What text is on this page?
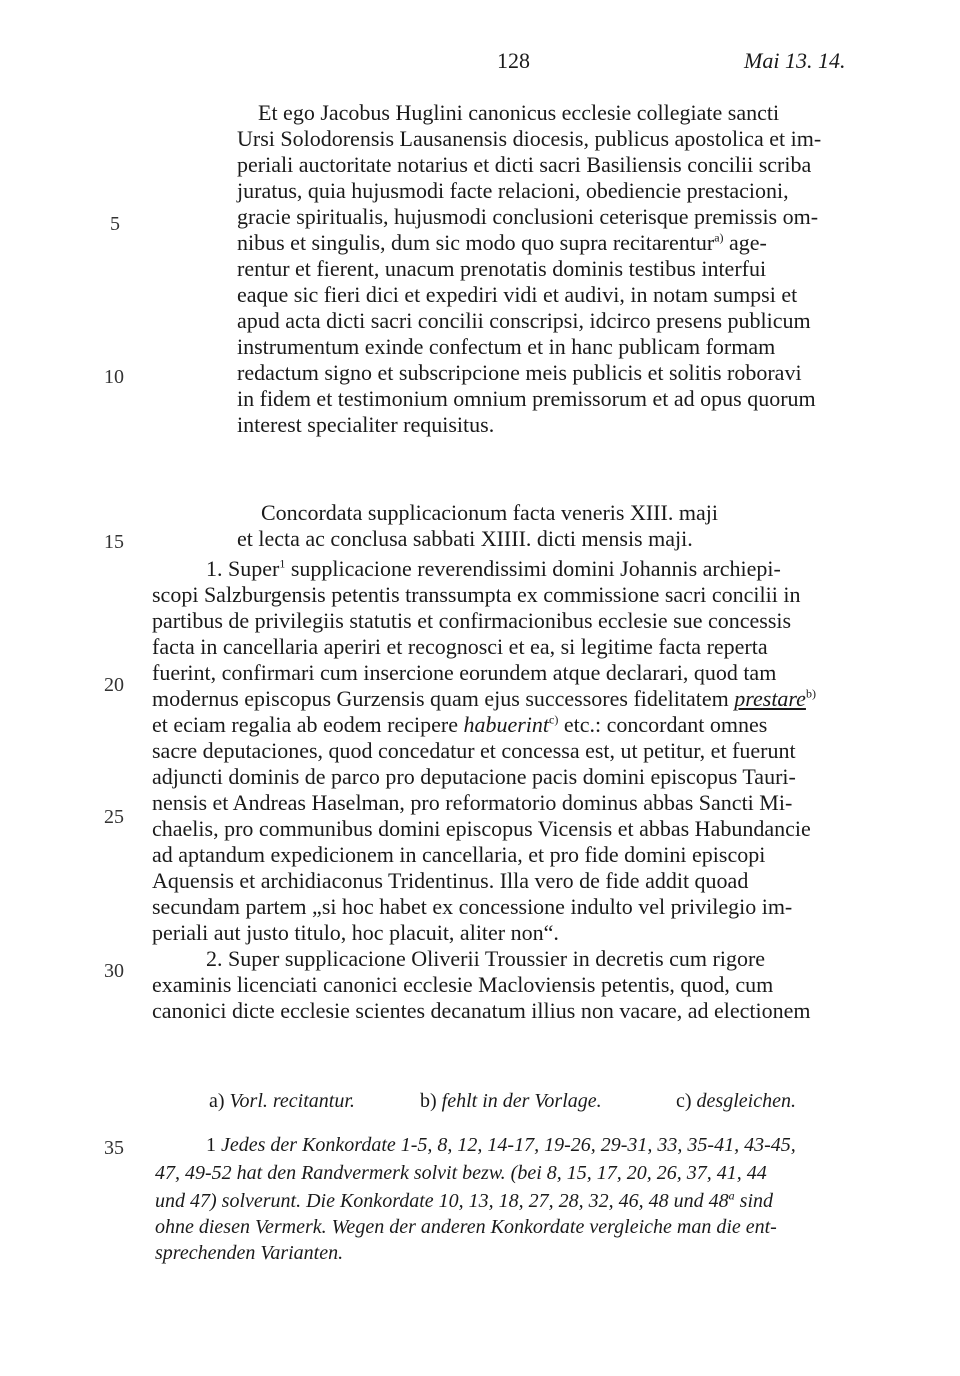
128	Mai 13. 14.
5
10
15
20
25
30
35
Et ego Jacobus Huglini canonicus ecclesie collegiate sancti
Ursi Solodorensis Lausanensis diocesis, publicus apostolica et im-
periali auctoritate notarius et dicti sacri Basiliensis concilii scriba
juratus, quia hujusmodi facte relacioni, obediencie prestacioni,
gracie spiritualis, hujusmodi conclusioni ceterisque premissis om-
nibus et singulis, dum sic modo quo supra recitarentur$^{a)}$ age-
rentur et fierent, unacum prenotatis dominis testibus interfui
eaque sic fieri dici et expediri vidi et audivi, in notam sumpsi et
apud acta dicti sacri concilii conscripsi, idcirco presens publicum
instrumentum exinde confectum et in hanc publicam formam
redactum signo et subscripcione meis publicis et solitis roboravi
in fidem et testimonium omnium premissorum et ad opus quorum
interest specialiter requisitus.
Concordata supplicacionum facta veneris XIII. maji
et lecta ac conclusa sabbati XIIII. dicti mensis maji.
1. Super$^1$ supplicacione reverendissimi domini Johannis archiepi-
scopi Salzburgensis petentis transsumpta ex commissione sacri concilii in
partibus de privilegiis statutis et confirmacionibus ecclesie sue concessis
facta in cancellaria aperiri et recognosci et ea, si legitime facta reperta
fuerint, confirmari cum insercione eorundem atque declarari, quod tam
modernus episcopus Gurzensis quam ejus successores fidelitatem prestare$^{b)}$
et eciam regalia ab eodem recipere habuerint$^{c)}$ etc.: concordant omnes
sacre deputaciones, quod concedatur et concessa est, ut petitur, et fuerunt
adjuncti dominis de parco pro deputacione pacis domini episcopus Tauri-
nensis et Andreas Haselman, pro reformatorio dominus abbas Sancti Mi-
chaelis, pro communibus domini episcopus Vicensis et abbas Habundancie
ad aptandum expedicionem in cancellaria, et pro fide domini episcopi
Aquensis et archidiaconus Tridentinus. Illa vero de fide addit quoad
secundam partem „si hoc habet ex concessione indulto vel privilegio im-
periali aut justo titulo, hoc placuit, aliter non“.
2. Super supplicacione Oliverii Troussier in decretis cum rigore
examinis licenciati canonici ecclesie Macloviensis petentis, quod, cum
canonici dicte ecclesie scientes decanatum illius non vacare, ad electionem
a) Vorl. recitantur.	b) fehlt in der Vorlage.	c) desgleichen.
1 Jedes der Konkordate 1-5, 8, 12, 14-17, 19-26, 29-31, 33, 35-41, 43-45,
47, 49-52 hat den Randvermerk solvit bezw. (bei 8, 15, 17, 20, 26, 37, 41, 44
und 47) solverunt. Die Konkordate 10, 13, 18, 27, 28, 32, 46, 48 und 48$^a$ sind
ohne diesen Vermerk. Wegen der anderen Konkordate vergleiche man die ent-
sprechenden Varianten.
